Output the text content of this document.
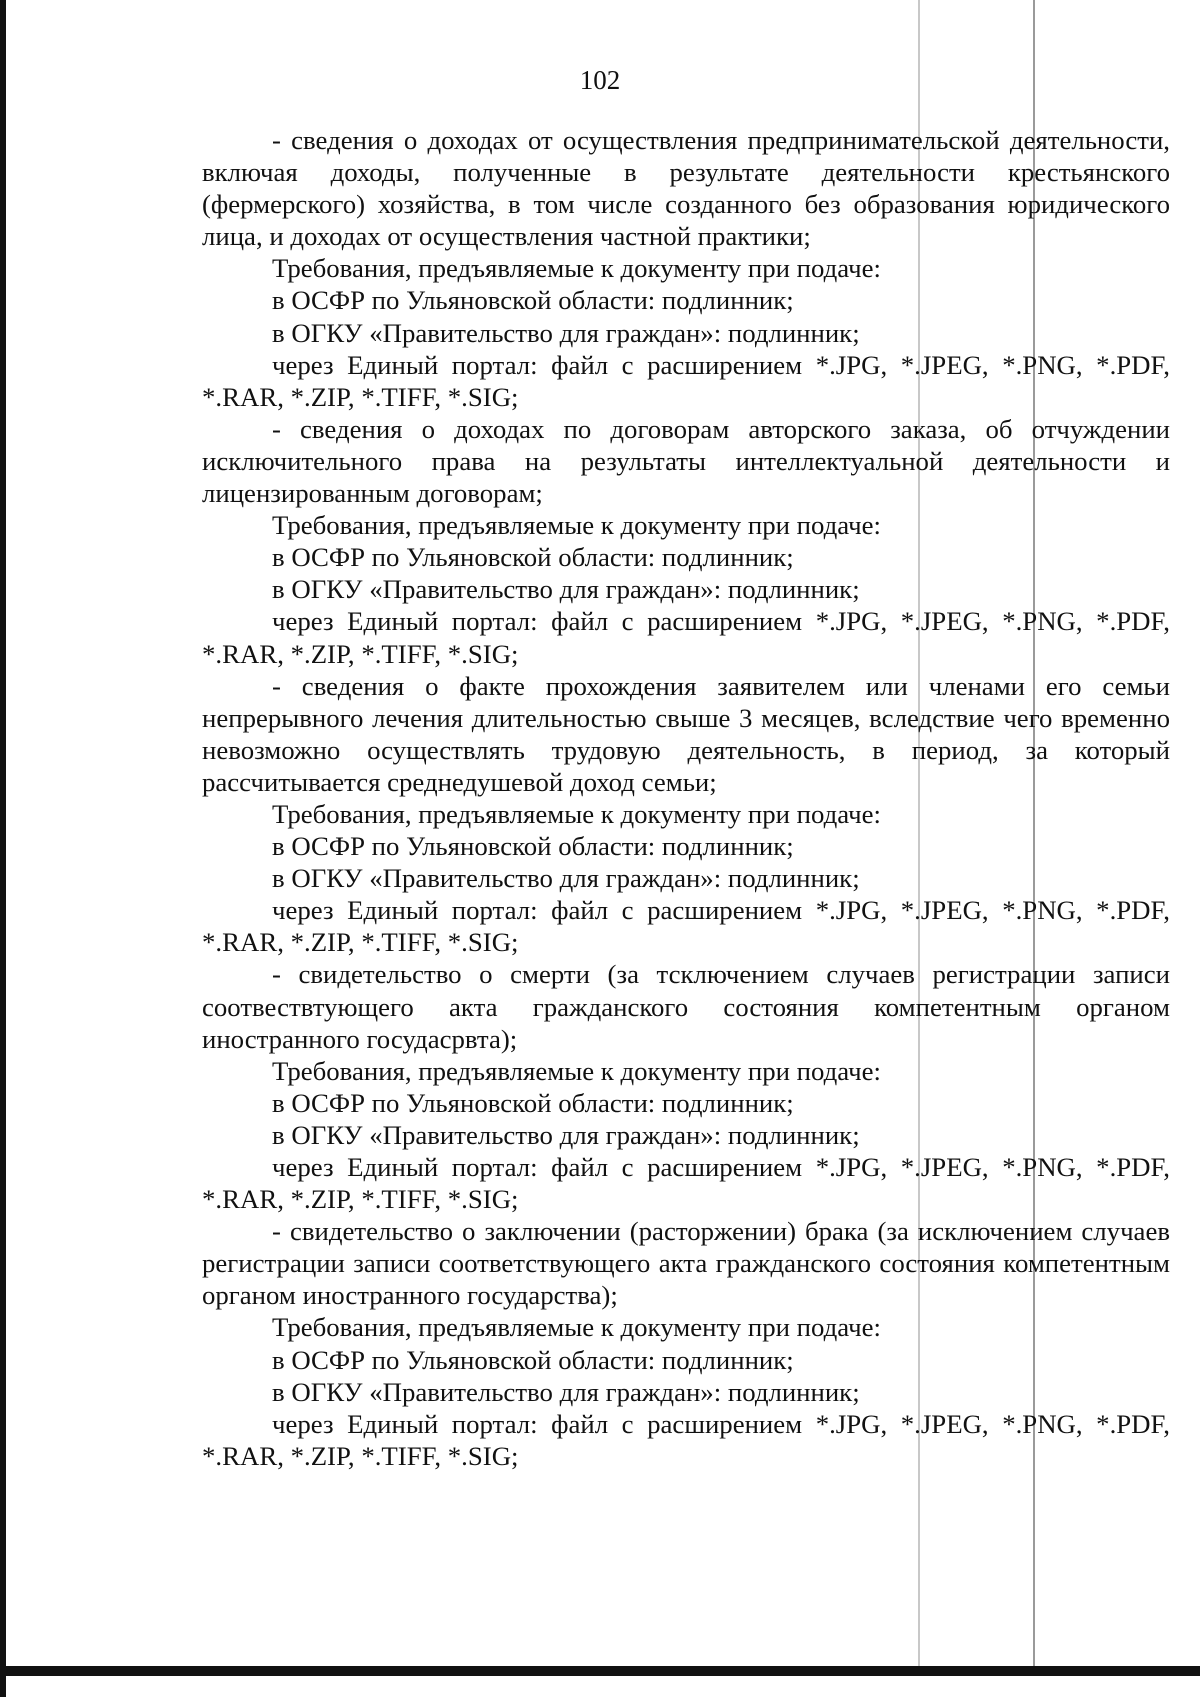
102

- сведения о доходах от осуществления предпринимательской деятельности, включая доходы, полученные в результате деятельности крестьянского (фермерского) хозяйства, в том числе созданного без образования юридического лица, и доходах от осуществления частной практики;

Требования, предъявляемые к документу при подаче:

в ОСФР по Ульяновской области: подлинник;

в ОГКУ «Правительство для граждан»: подлинник;

через Единый портал: файл с расширением *.JPG, *.JPEG, *.PNG, *.PDF, *.RAR, *.ZIP, *.TIFF, *.SIG;

- сведения о доходах по договорам авторского заказа, об отчуждении исключительного права на результаты интеллектуальной деятельности и лицензированным договорам;

Требования, предъявляемые к документу при подаче:

в ОСФР по Ульяновской области: подлинник;

в ОГКУ «Правительство для граждан»: подлинник;

через Единый портал: файл с расширением *.JPG, *.JPEG, *.PNG, *.PDF, *.RAR, *.ZIP, *.TIFF, *.SIG;

- сведения о факте прохождения заявителем или членами его семьи непрерывного лечения длительностью свыше 3 месяцев, вследствие чего временно невозможно осуществлять трудовую деятельность, в период, за который рассчитывается среднедушевой доход семьи;

Требования, предъявляемые к документу при подаче:

в ОСФР по Ульяновской области: подлинник;

в ОГКУ «Правительство для граждан»: подлинник;

через Единый портал: файл с расширением *.JPG, *.JPEG, *.PNG, *.PDF, *.RAR, *.ZIP, *.TIFF, *.SIG;

- свидетельство о смерти (за тсключением случаев регистрации записи соотвествтующего акта гражданского состояния компетентным органом иностранного госудасрвта);

Требования, предъявляемые к документу при подаче:

в ОСФР по Ульяновской области: подлинник;

в ОГКУ «Правительство для граждан»: подлинник;

через Единый портал: файл с расширением *.JPG, *.JPEG, *.PNG, *.PDF, *.RAR, *.ZIP, *.TIFF, *.SIG;

- свидетельство о заключении (расторжении) брака (за исключением случаев регистрации записи соответствующего акта гражданского состояния компетентным органом иностранного государства);

Требования, предъявляемые к документу при подаче:

в ОСФР по Ульяновской области: подлинник;

в ОГКУ «Правительство для граждан»: подлинник;

через Единый портал: файл с расширением *.JPG, *.JPEG, *.PNG, *.PDF, *.RAR, *.ZIP, *.TIFF, *.SIG;
